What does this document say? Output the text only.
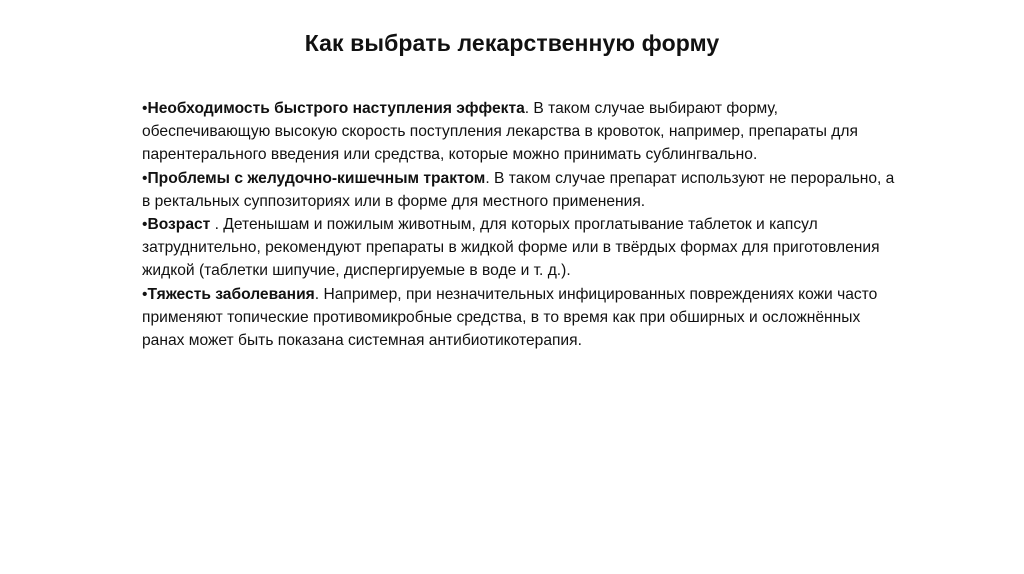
Как выбрать лекарственную форму

•Необходимость быстрого наступления эффекта. В таком случае выбирают форму, обеспечивающую высокую скорость поступления лекарства в кровоток, например, препараты для парентерального введения или средства, которые можно принимать сублингвально.

•Проблемы с желудочно-кишечным трактом. В таком случае препарат используют не перорально, а в ректальных суппозиториях или в форме для местного применения.

•Возраст . Детенышам и пожилым животным, для которых проглатывание таблеток и капсул затруднительно, рекомендуют препараты в жидкой форме или в твёрдых формах для приготовления жидкой (таблетки шипучие, диспергируемые в воде и т. д.).

•Тяжесть заболевания. Например, при незначительных инфицированных повреждениях кожи часто применяют топические противомикробные средства, в то время как при обширных и осложнённых ранах может быть показана системная антибиотикотерапия.
